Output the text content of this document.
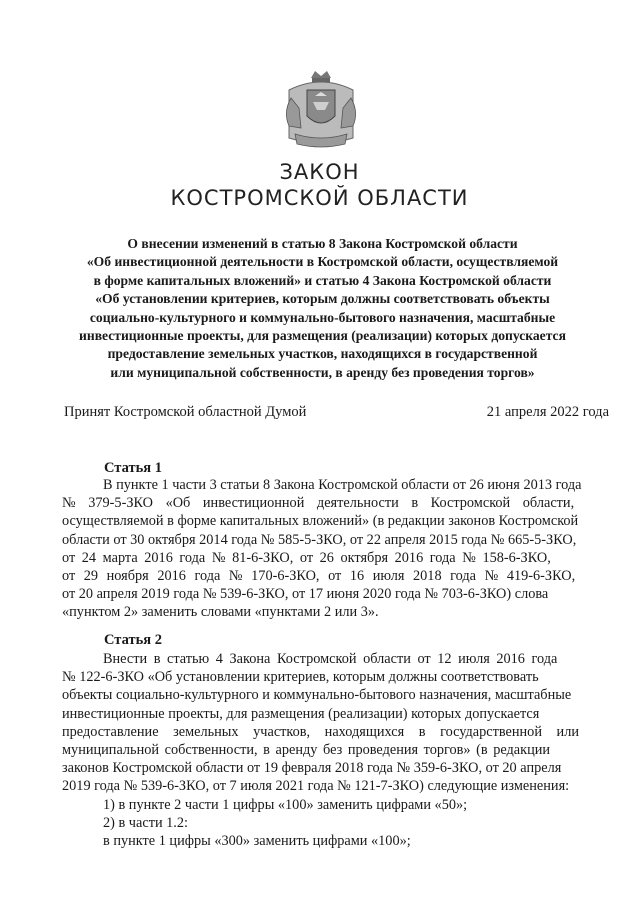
ЗАКОН
КОСТРОМСКОЙ ОБЛАСТИ
О внесении изменений в статью 8 Закона Костромской области
«Об инвестиционной деятельности в Костромской области, осуществляемой
в форме капитальных вложений» и статью 4 Закона Костромской области
«Об установлении критериев, которым должны соответствовать объекты
социально-культурного и коммунально-бытового назначения, масштабные
инвестиционные проекты, для размещения (реализации) которых допускается
предоставление земельных участков, находящихся в государственной
или муниципальной собственности, в аренду без проведения торгов»
Принят Костромской областной Думой	21 апреля 2022 года
Статья 1
В пункте 1 части 3 статьи 8 Закона Костромской области от 26 июня 2013 года
№ 379-5-ЗКО «Об инвестиционной деятельности в Костромской области,
осуществляемой в форме капитальных вложений» (в редакции законов Костромской
области от 30 октября 2014 года № 585-5-ЗКО, от 22 апреля 2015 года № 665-5-ЗКО,
от 24 марта 2016 года № 81-6-ЗКО, от 26 октября 2016 года № 158-6-ЗКО,
от 29 ноября 2016 года № 170-6-ЗКО, от 16 июля 2018 года № 419-6-ЗКО,
от 20 апреля 2019 года № 539-6-ЗКО, от 17 июня 2020 года № 703-6-ЗКО) слова
«пунктом 2» заменить словами «пунктами 2 или 3».
Статья 2
Внести в статью 4 Закона Костромской области от 12 июля 2016 года
№ 122-6-ЗКО «Об установлении критериев, которым должны соответствовать
объекты социально-культурного и коммунально-бытового назначения, масштабные
инвестиционные проекты, для размещения (реализации) которых допускается
предоставление земельных участков, находящихся в государственной или
муниципальной собственности, в аренду без проведения торгов» (в редакции
законов Костромской области от 19 февраля 2018 года № 359-6-ЗКО, от 20 апреля
2019 года № 539-6-ЗКО, от 7 июля 2021 года № 121-7-ЗКО) следующие изменения:
1) в пункте 2 части 1 цифры «100» заменить цифрами «50»;
2) в части 1.2:
в пункте 1 цифры «300» заменить цифрами «100»;
